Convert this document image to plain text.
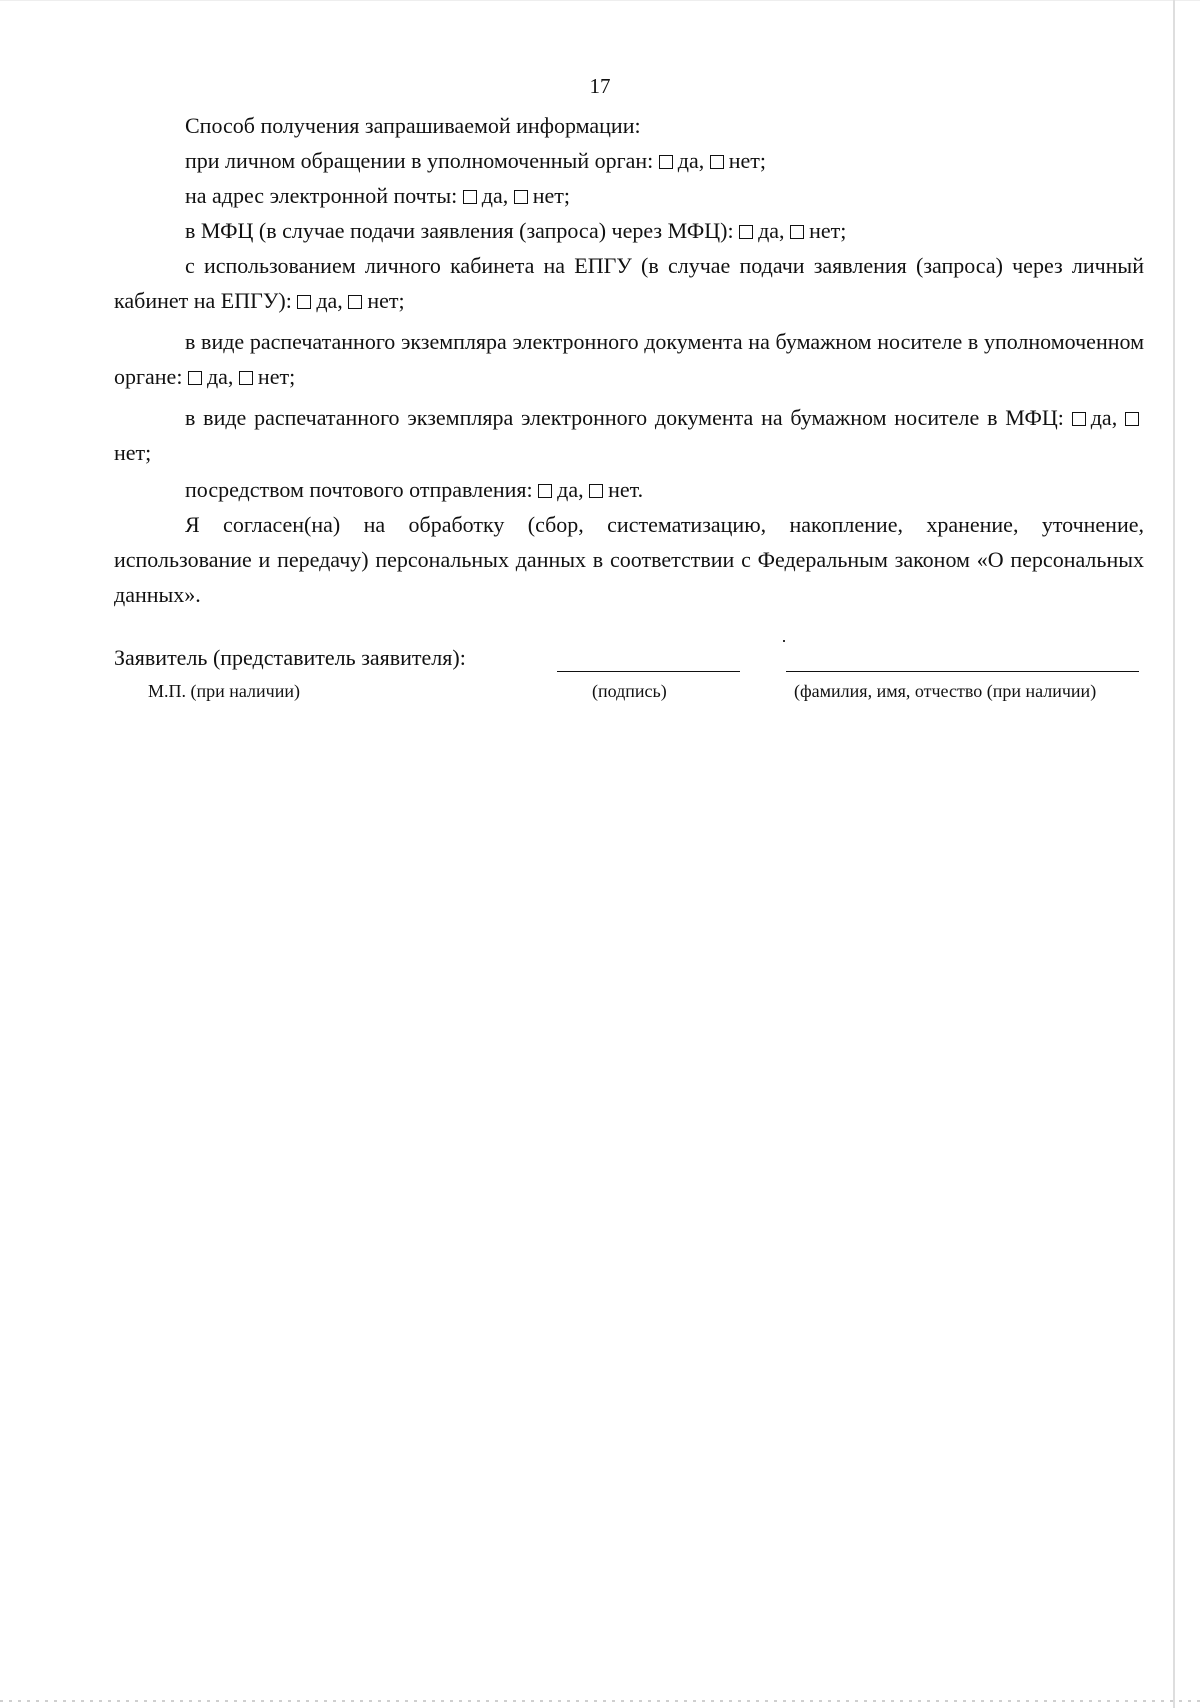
17

Способ получения запрашиваемой информации:

при личном обращении в уполномоченный орган: да, нет;

на адрес электронной почты: да, нет;

в МФЦ (в случае подачи заявления (запроса) через МФЦ): да, нет;

с использованием личного кабинета на ЕПГУ (в случае подачи заявления (запроса) через личный кабинет на ЕПГУ): да, нет;

в виде распечатанного экземпляра электронного документа на бумажном носителе в уполномоченном органе: да, нет;

в виде распечатанного экземпляра электронного документа на бумажном носителе в МФЦ: да, нет;

посредством почтового отправления: да, нет.

Я согласен(на) на обработку (сбор, систематизацию, накопление, хранение, уточнение, использование и передачу) персональных данных в соответствии с Федеральным законом «О персональных данных».

Заявитель (представитель заявителя):
М.П. (при наличии)	(подпись)	(фамилия, имя, отчество (при наличии)
